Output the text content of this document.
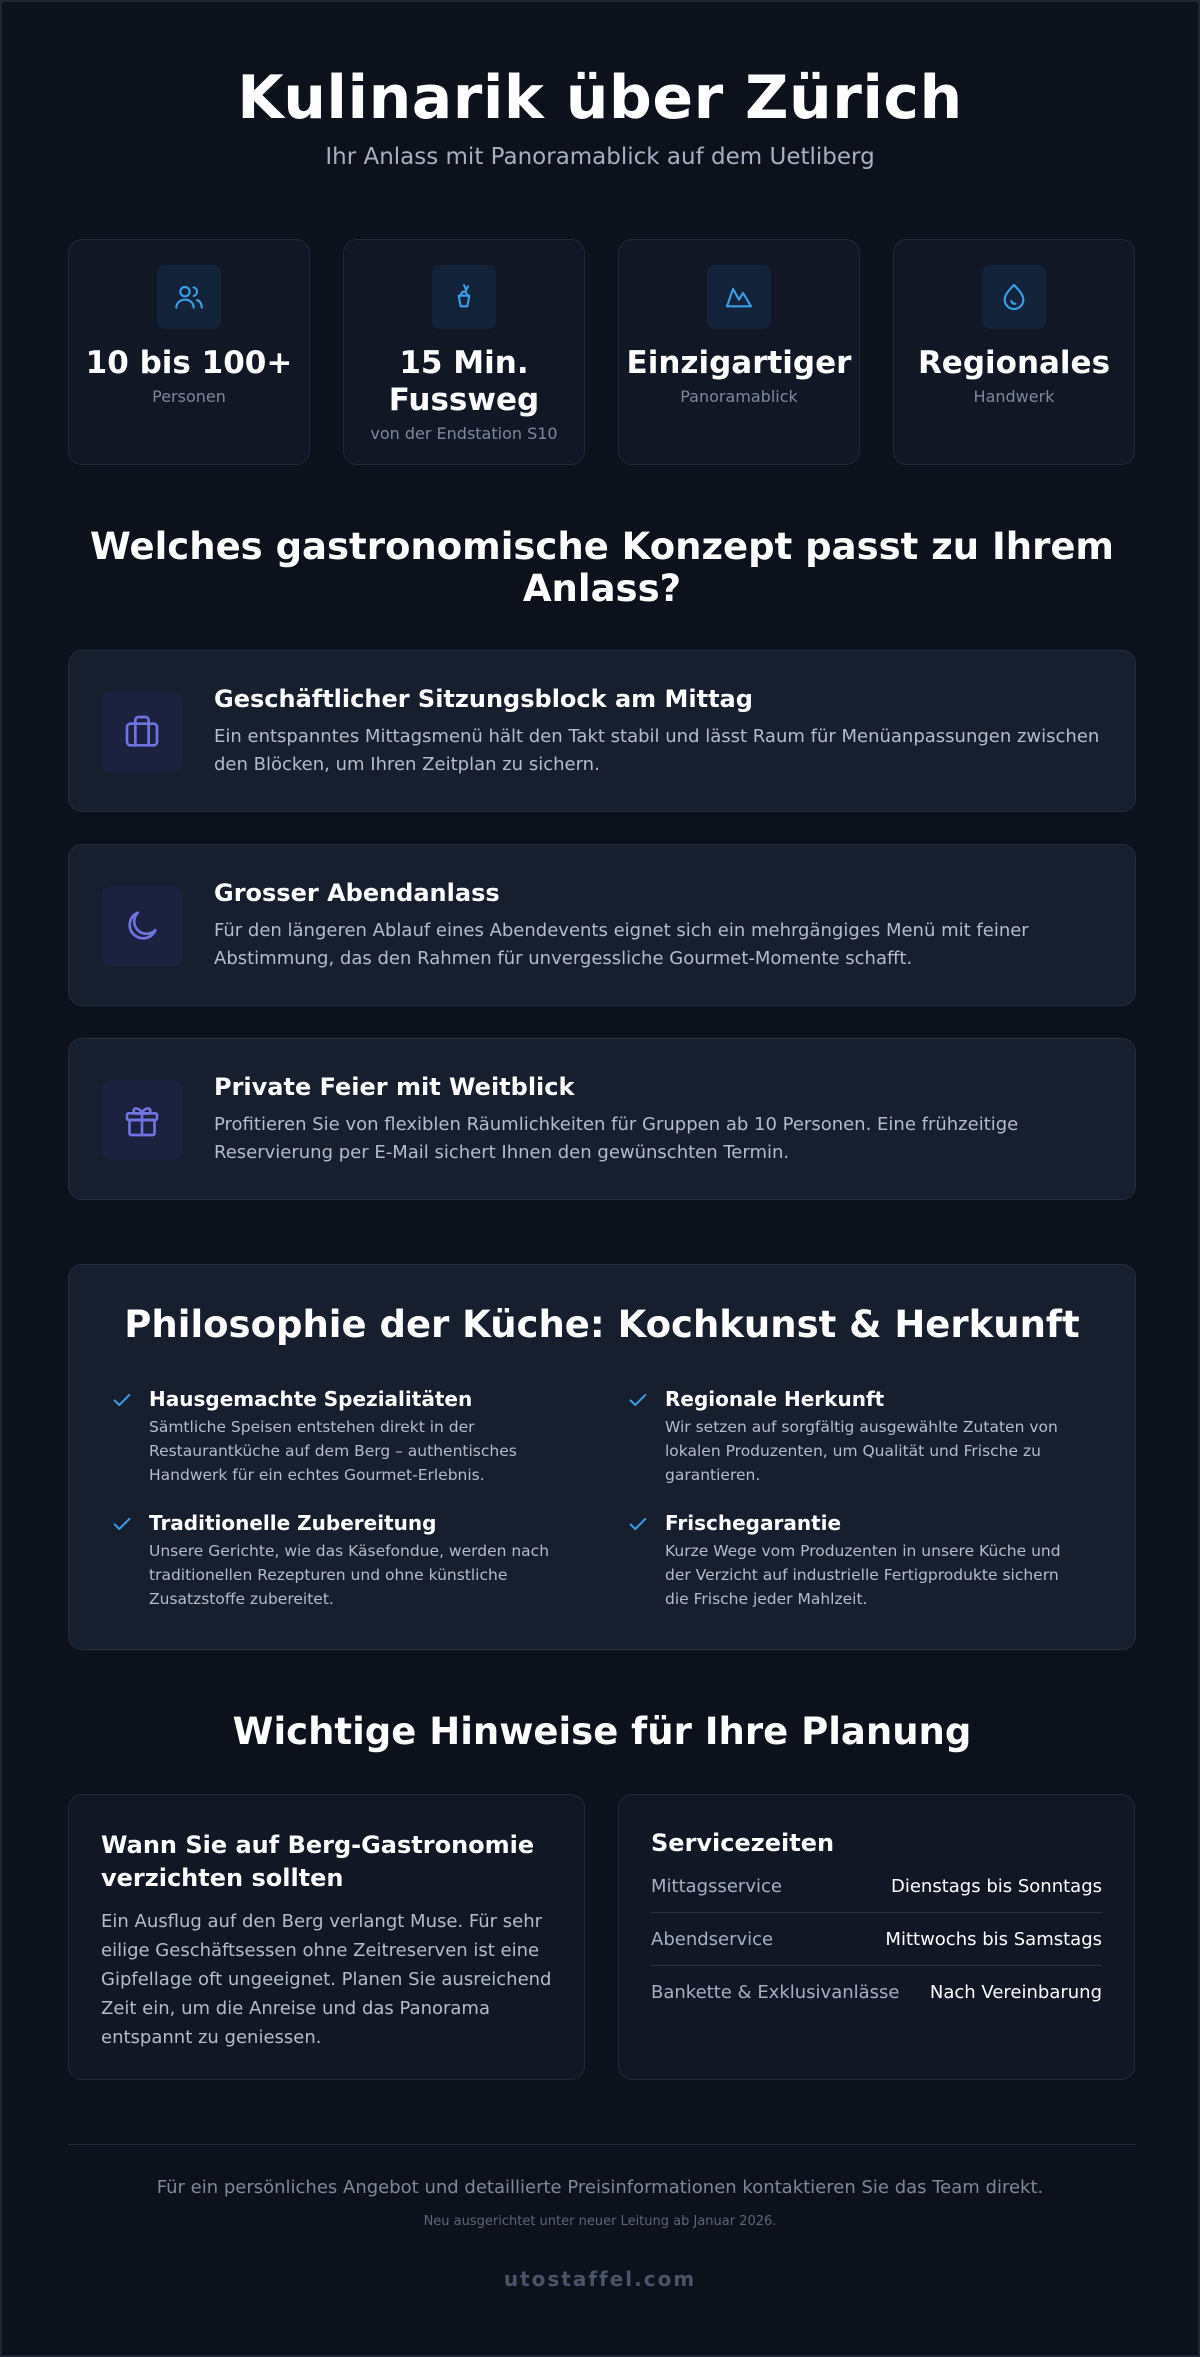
Kulinarik über Zürich
Ihr Anlass mit Panoramablick auf dem Uetliberg
10 bis 100+
Personen
15 Min. Fussweg
von der Endstation S10
Einzigartiger
Panoramablick
Regionales
Handwerk
Welches gastronomische Konzept passt zu Ihrem Anlass?
Geschäftlicher Sitzungsblock am Mittag
Ein entspanntes Mittagsmenü hält den Takt stabil und lässt Raum für Menüanpassungen zwischen den Blöcken, um Ihren Zeitplan zu sichern.
Grosser Abendanlass
Für den längeren Ablauf eines Abendevents eignet sich ein mehrgängiges Menü mit feiner Abstimmung, das den Rahmen für unvergessliche Gourmet-Momente schafft.
Private Feier mit Weitblick
Profitieren Sie von flexiblen Räumlichkeiten für Gruppen ab 10 Personen. Eine frühzeitige Reservierung per E-Mail sichert Ihnen den gewünschten Termin.
Philosophie der Küche: Kochkunst & Herkunft
Hausgemachte Spezialitäten
Sämtliche Speisen entstehen direkt in der Restaurantküche auf dem Berg – authentisches Handwerk für ein echtes Gourmet-Erlebnis.
Regionale Herkunft
Wir setzen auf sorgfältig ausgewählte Zutaten von lokalen Produzenten, um Qualität und Frische zu garantieren.
Traditionelle Zubereitung
Unsere Gerichte, wie das Käsefondue, werden nach traditionellen Rezepturen und ohne künstliche Zusatzstoffe zubereitet.
Frischegarantie
Kurze Wege vom Produzenten in unsere Küche und der Verzicht auf industrielle Fertigprodukte sichern die Frische jeder Mahlzeit.
Wichtige Hinweise für Ihre Planung
Wann Sie auf Berg-Gastronomie verzichten sollten
Ein Ausflug auf den Berg verlangt Muse. Für sehr eilige Geschäftsessen ohne Zeitreserven ist eine Gipfellage oft ungeeignet. Planen Sie ausreichend Zeit ein, um die Anreise und das Panorama entspannt zu geniessen.
Servicezeiten
Mittagsservice	Dienstags bis Sonntags
Abendservice	Mittwochs bis Samstags
Bankette & Exklusivanlässe Nach Vereinbarung
Für ein persönliches Angebot und detaillierte Preisinformationen kontaktieren Sie das Team direkt.
Neu ausgerichtet unter neuer Leitung ab Januar 2026.
utostaffel.com
